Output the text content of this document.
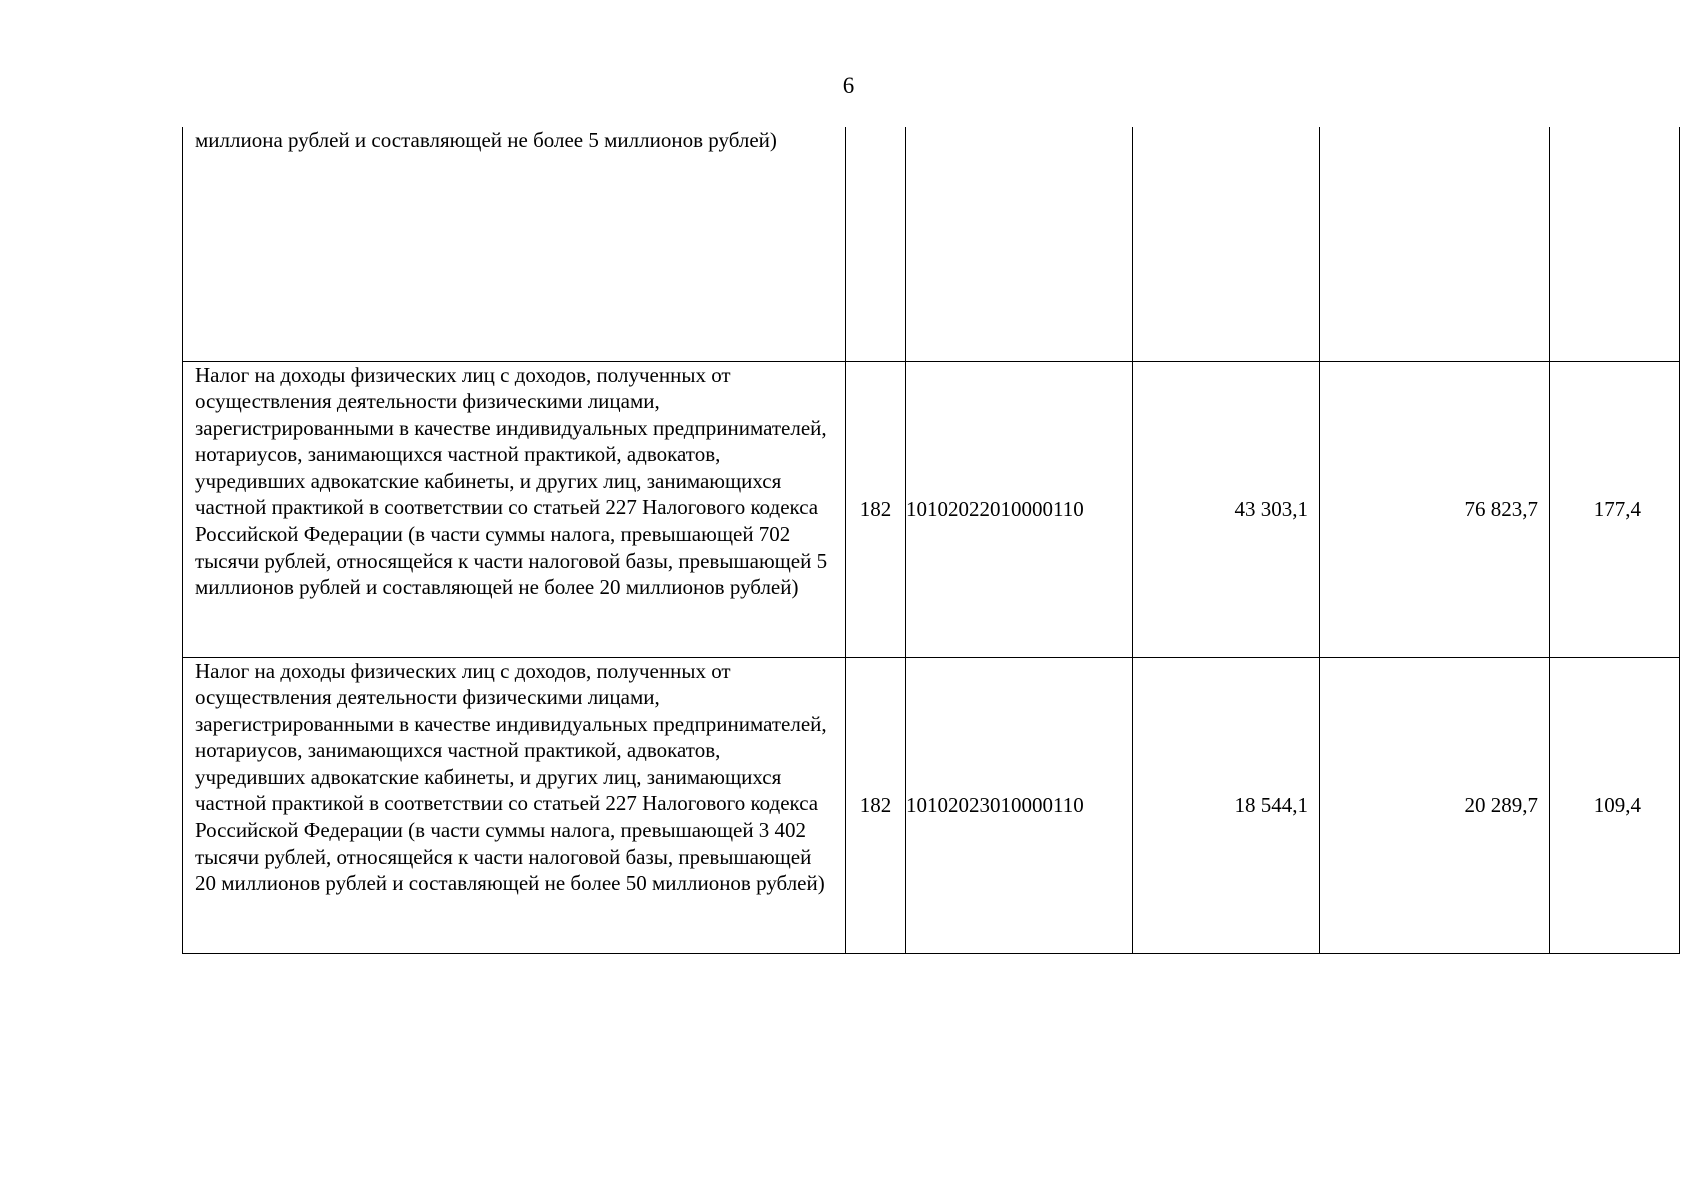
6
миллиона рублей и составляющей не более 5 миллионов рублей)					

Налог на доходы физических лиц с доходов, полученных от осуществления деятельности физическими лицами, зарегистрированными в качестве индивидуальных предпринимателей, нотариусов, занимающихся частной практикой, адвокатов, учредивших адвокатские кабинеты, и других лиц, занимающихся частной практикой в соответствии со статьей 227 Налогового кодекса Российской Федерации (в части суммы налога, превышающей 702 тысячи рублей, относящейся к части налоговой базы, превышающей 5 миллионов рублей и составляющей не более 20 миллионов рублей)	182	10102022010000110	43 303,1	76 823,7	177,4

Налог на доходы физических лиц с доходов, полученных от осуществления деятельности физическими лицами, зарегистрированными в качестве индивидуальных предпринимателей, нотариусов, занимающихся частной практикой, адвокатов, учредивших адвокатские кабинеты, и других лиц, занимающихся частной практикой в соответствии со статьей 227 Налогового кодекса Российской Федерации (в части суммы налога, превышающей 3 402 тысячи рублей, относящейся к части налоговой базы, превышающей 20 миллионов рублей и составляющей не более 50 миллионов рублей)	182	10102023010000110	18 544,1	20 289,7	109,4
